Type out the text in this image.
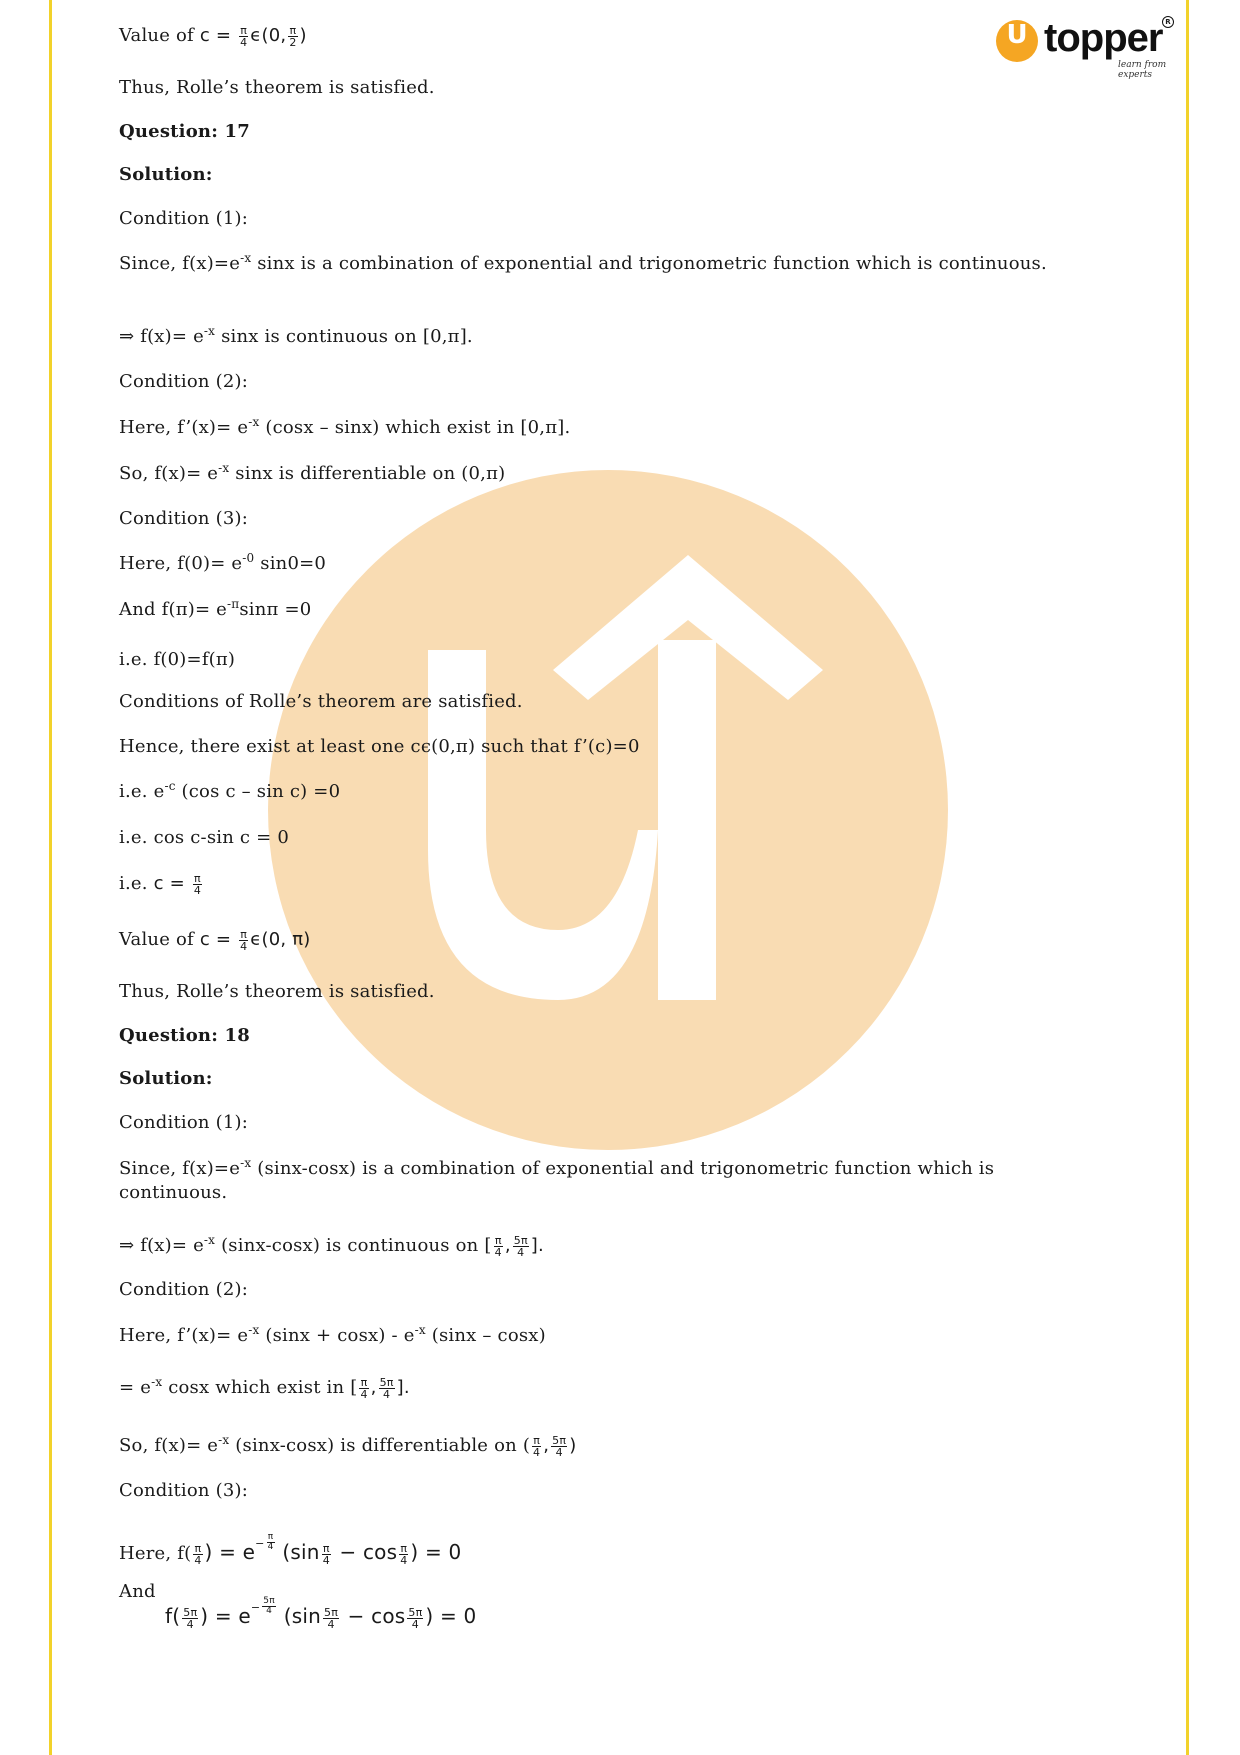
U topper
learn from experts
R
Value of $c = \frac{\pi}{4} \epsilon(0$, $\frac{\pi}{2}$ )
Thus, Rolle’s theorem is satisfied.
Question: 17
Solution:
Condition (1):
Since, $f(x)=e^{-x}$ sinx is a combination of exponential and trigonometric function which is continuous.
⇒ $f(x)= e^{-x}$ sinx is continuous on [0,π].
Condition (2):
Here, f’(x)= $e^{-x}$ (cosx – sinx) which exist in [0,π].
So, $f(x)= e^{-x}$ sinx is differentiable on (0,π)
Condition (3):
Here, $f(0)= e^{-0}$ sin0=0
And $f(\pi)= e^{-\pi}\sin\pi =0$
i.e. f(0)=f(π)
Conditions of Rolle’s theorem are satisfied.
Hence, there exist at least one cϵ(0,π) such that f’(c)=0
i.e. $e^{-c}$ (cos c – sin c) =0
i.e. cos c-sin c = 0
i.e. $c = \frac{\pi}{4}$
Value of $c = \frac{\pi}{4} \epsilon(0$, π)
Thus, Rolle’s theorem is satisfied.
Question: 18
Solution:
Condition (1):
Since, $f(x)=e^{-x}$ (sinx-cosx) is a combination of exponential and trigonometric function which is continuous.
⇒ $f(x)= e^{-x}$ (sinx-cosx) is continuous on [ $\frac{\pi}{4}$ , $\frac{5\pi}{4}$ ].
Condition (2):
Here, f’(x)= $e^{-x}$ $(\sin x + \cos x) - e^{-x}$ (sinx – cosx)
= $e^{-x}$ cosx which exist in [ $\frac{\pi}{4}$ , $\frac{5\pi}{4}$ ].
So, $f(x)= e^{-x}$ (sinx-cosx) is differentiable on ( $\frac{\pi}{4}$ , $\frac{5\pi}{4}$ )
Condition (3):
Here, $f( \frac{\pi}{4}$ ) = $e- \frac{\pi}{4} (\sin \frac{\pi}{4} - \cos \frac{\pi}{4}$ ) = 0
And
$f( \frac{5\pi}{4}$ ) = $e- \frac{5\pi}{4} (\sin \frac{5\pi}{4} - \cos \frac{5\pi}{4}$ ) = 0
